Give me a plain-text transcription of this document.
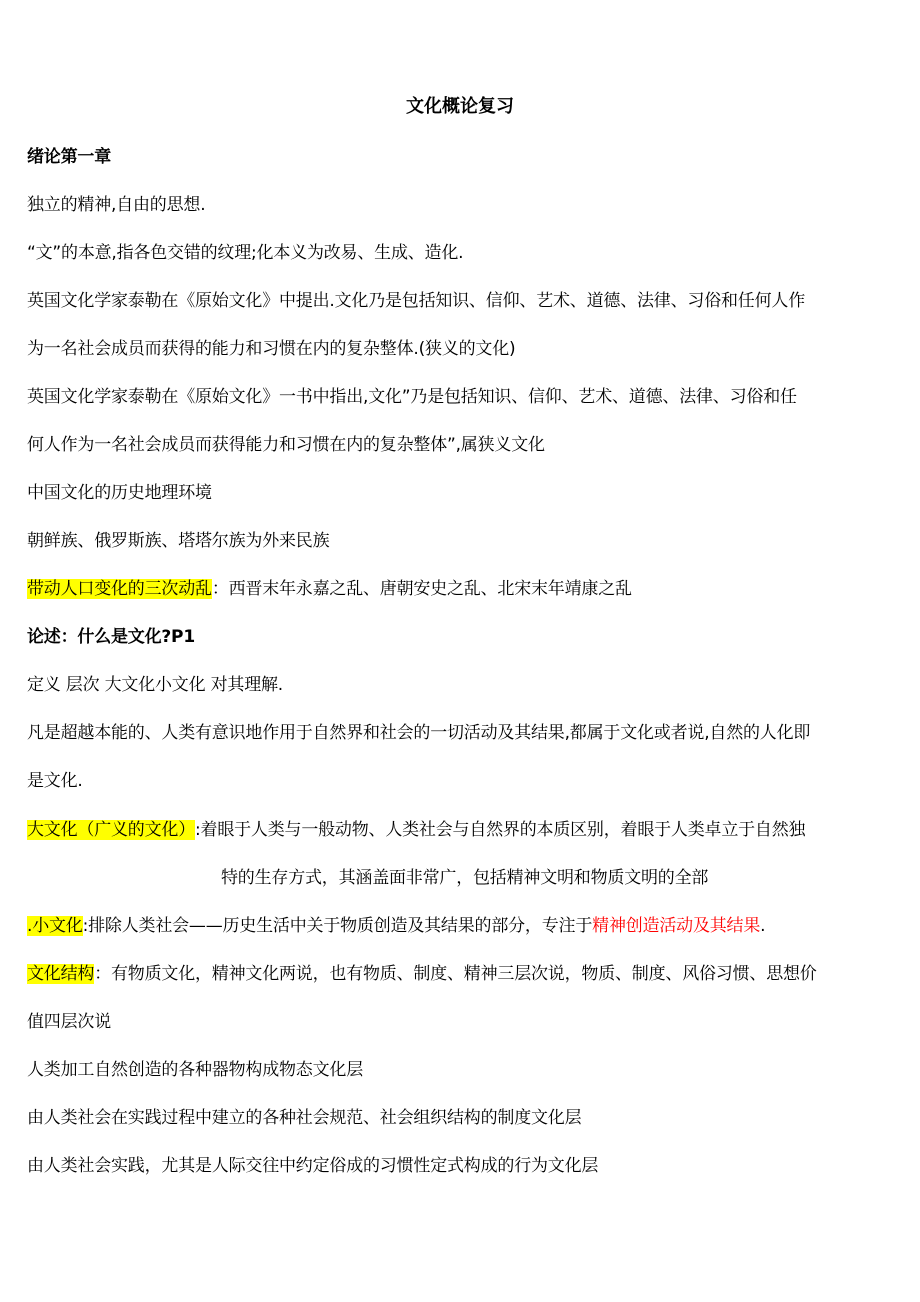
文化概论复习

绪论第一章

独立的精神,自由的思想.

“文”的本意,指各色交错的纹理;化本义为改易、生成、造化.

英国文化学家泰勒在《原始文化》中提出.文化乃是包括知识、信仰、艺术、道德、法律、习俗和任何人作

为一名社会成员而获得的能力和习惯在内的复杂整体.(狭义的文化)

英国文化学家泰勒在《原始文化》一书中指出,文化”乃是包括知识、信仰、艺术、道德、法律、习俗和任

何人作为一名社会成员而获得能力和习惯在内的复杂整体”,属狭义文化

中国文化的历史地理环境

朝鲜族、俄罗斯族、塔塔尔族为外来民族

带动人口变化的三次动乱：西晋末年永嘉之乱、唐朝安史之乱、北宋末年靖康之乱

论述：什么是文化?P1

定义 层次 大文化小文化 对其理解.

凡是超越本能的、人类有意识地作用于自然界和社会的一切活动及其结果,都属于文化或者说,自然的人化即

是文化.

大文化（广义的文化）:着眼于人类与一般动物、人类社会与自然界的本质区别，着眼于人类卓立于自然独

特的生存方式，其涵盖面非常广，包括精神文明和物质文明的全部

.小文化:排除人类社会——历史生活中关于物质创造及其结果的部分，专注于精神创造活动及其结果.

文化结构：有物质文化，精神文化两说，也有物质、制度、精神三层次说，物质、制度、风俗习惯、思想价

值四层次说

人类加工自然创造的各种器物构成物态文化层

由人类社会在实践过程中建立的各种社会规范、社会组织结构的制度文化层

由人类社会实践，尤其是人际交往中约定俗成的习惯性定式构成的行为文化层
